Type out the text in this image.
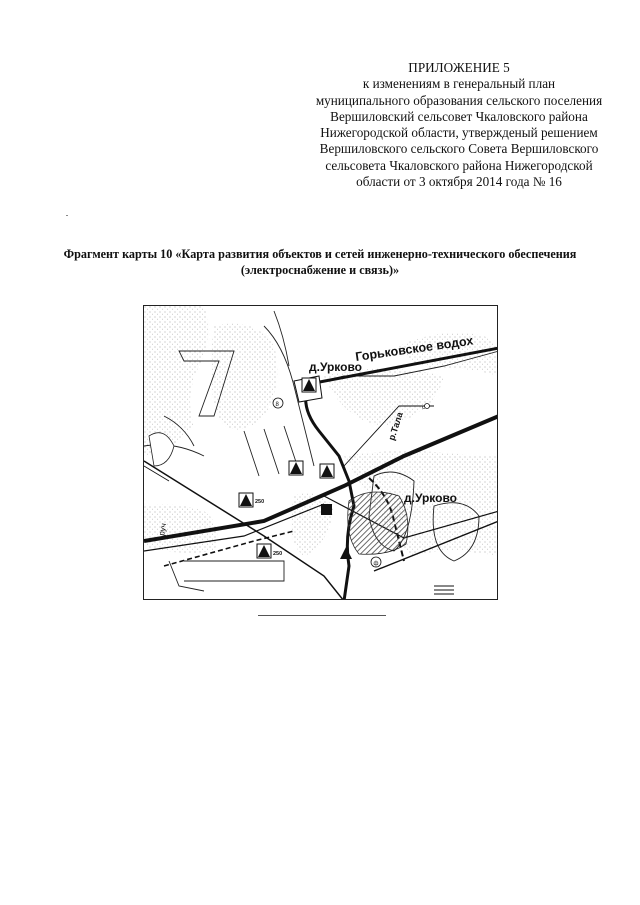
ПРИЛОЖЕНИЕ 5
к изменениям в генеральный план
муниципального образования сельского поселения
Вершиловский сельсовет Чкаловского района
Нижегородской области, утвержденый решением
Вершиловского сельского Совета Вершиловского
сельсовета Чкаловского района Нижегородской
области от 3 октября 2014 года № 16
Фрагмент карты 10 «Карта развития объектов и сетей инженерно-технического обеспечения
(электроснабжение и связь)»
Горьковское водох
д.Урково
д.Урково
р.Тала
руч
250
250
8
ф
с
